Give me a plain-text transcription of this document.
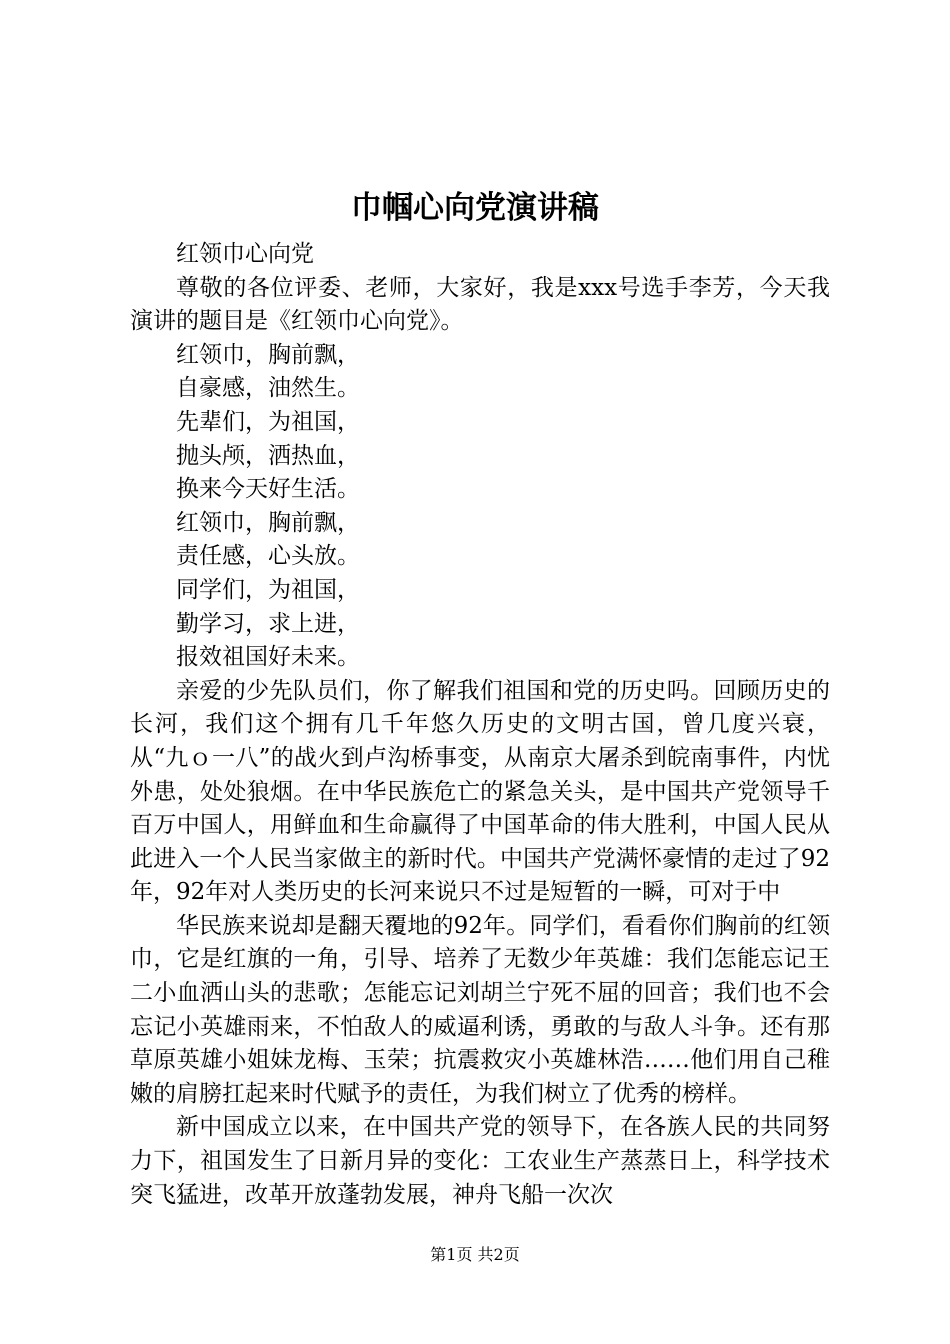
巾帼心向党演讲稿

红领巾心向党

尊敬的各位评委、老师，大家好，我是xxx号选手李芳，今天我演讲的题目是《红领巾心向党》。

红领巾，胸前飘，

自豪感，油然生。

先辈们，为祖国，

抛头颅，洒热血，

换来今天好生活。

红领巾，胸前飘，

责任感，心头放。

同学们，为祖国，

勤学习，求上进，

报效祖国好未来。

亲爱的少先队员们，你了解我们祖国和党的历史吗。回顾历史的长河，我们这个拥有几千年悠久历史的文明古国，曾几度兴衰，从“九ｏ一八”的战火到卢沟桥事变，从南京大屠杀到皖南事件，内忧外患，处处狼烟。在中华民族危亡的紧急关头，是中国共产党领导千百万中国人，用鲜血和生命赢得了中国革命的伟大胜利，中国人民从此进入一个人民当家做主的新时代。中国共产党满怀豪情的走过了92年，92年对人类历史的长河来说只不过是短暂的一瞬，可对于中

华民族来说却是翻天覆地的92年。同学们，看看你们胸前的红领巾，它是红旗的一角，引导、培养了无数少年英雄：我们怎能忘记王二小血洒山头的悲歌；怎能忘记刘胡兰宁死不屈的回音；我们也不会忘记小英雄雨来，不怕敌人的威逼利诱，勇敢的与敌人斗争。还有那草原英雄小姐妹龙梅、玉荣；抗震救灾小英雄林浩……他们用自己稚嫩的肩膀扛起来时代赋予的责任，为我们树立了优秀的榜样。

新中国成立以来，在中国共产党的领导下，在各族人民的共同努力下，祖国发生了日新月异的变化：工农业生产蒸蒸日上，科学技术突飞猛进，改革开放蓬勃发展，神舟飞船一次次

第1页 共2页
